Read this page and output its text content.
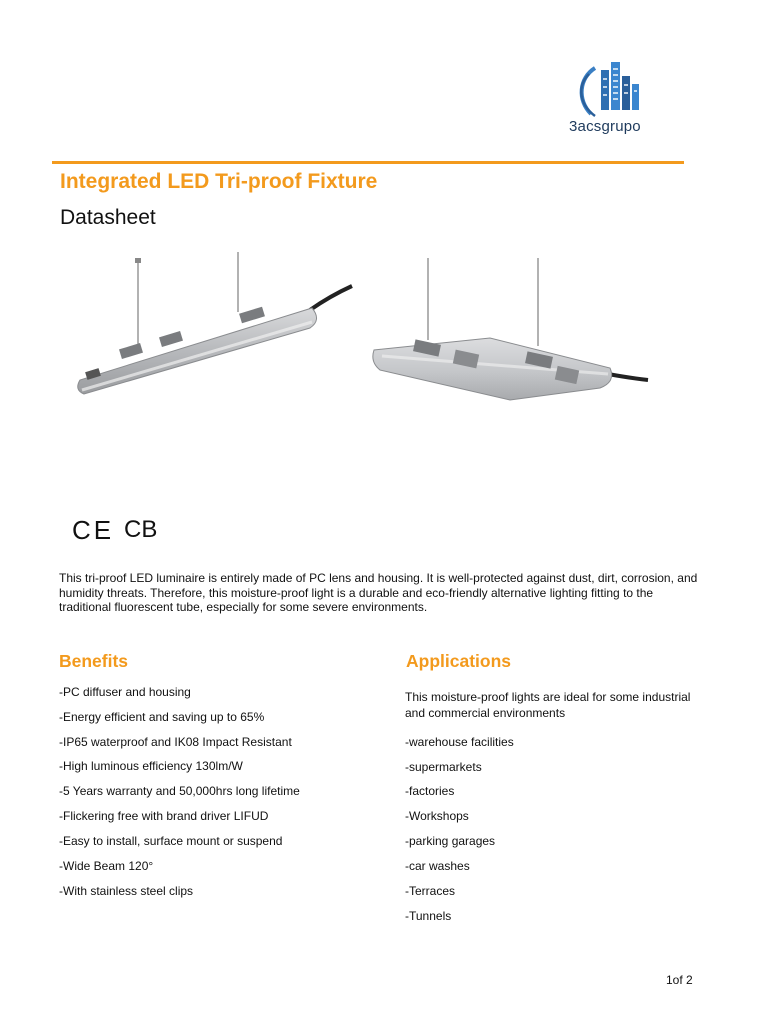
3acsgrupo
Integrated LED Tri-proof Fixture
Datasheet
CE CB
This tri-proof LED luminaire is entirely made of PC lens and housing. It is well-protected against dust, dirt, corrosion, and humidity threats. Therefore, this moisture-proof light is a durable and eco-friendly alternative lighting fitting to the traditional fluorescent tube, especially for some severe environments.
Benefits	Applications
-PC diffuser and housing
-Energy efficient and saving up to 65%
-IP65 waterproof and IK08 Impact Resistant
-High luminous efficiency 130lm/W
-5 Years warranty and 50,000hrs long lifetime
-Flickering free with brand driver LIFUD
-Easy to install, surface mount or suspend
-Wide Beam 120°
-With stainless steel clips
This moisture-proof lights are ideal for some industrial and commercial environments
-warehouse facilities
-supermarkets
-factories
-Workshops
-parking garages
-car washes
-Terraces
-Tunnels
1of 2
